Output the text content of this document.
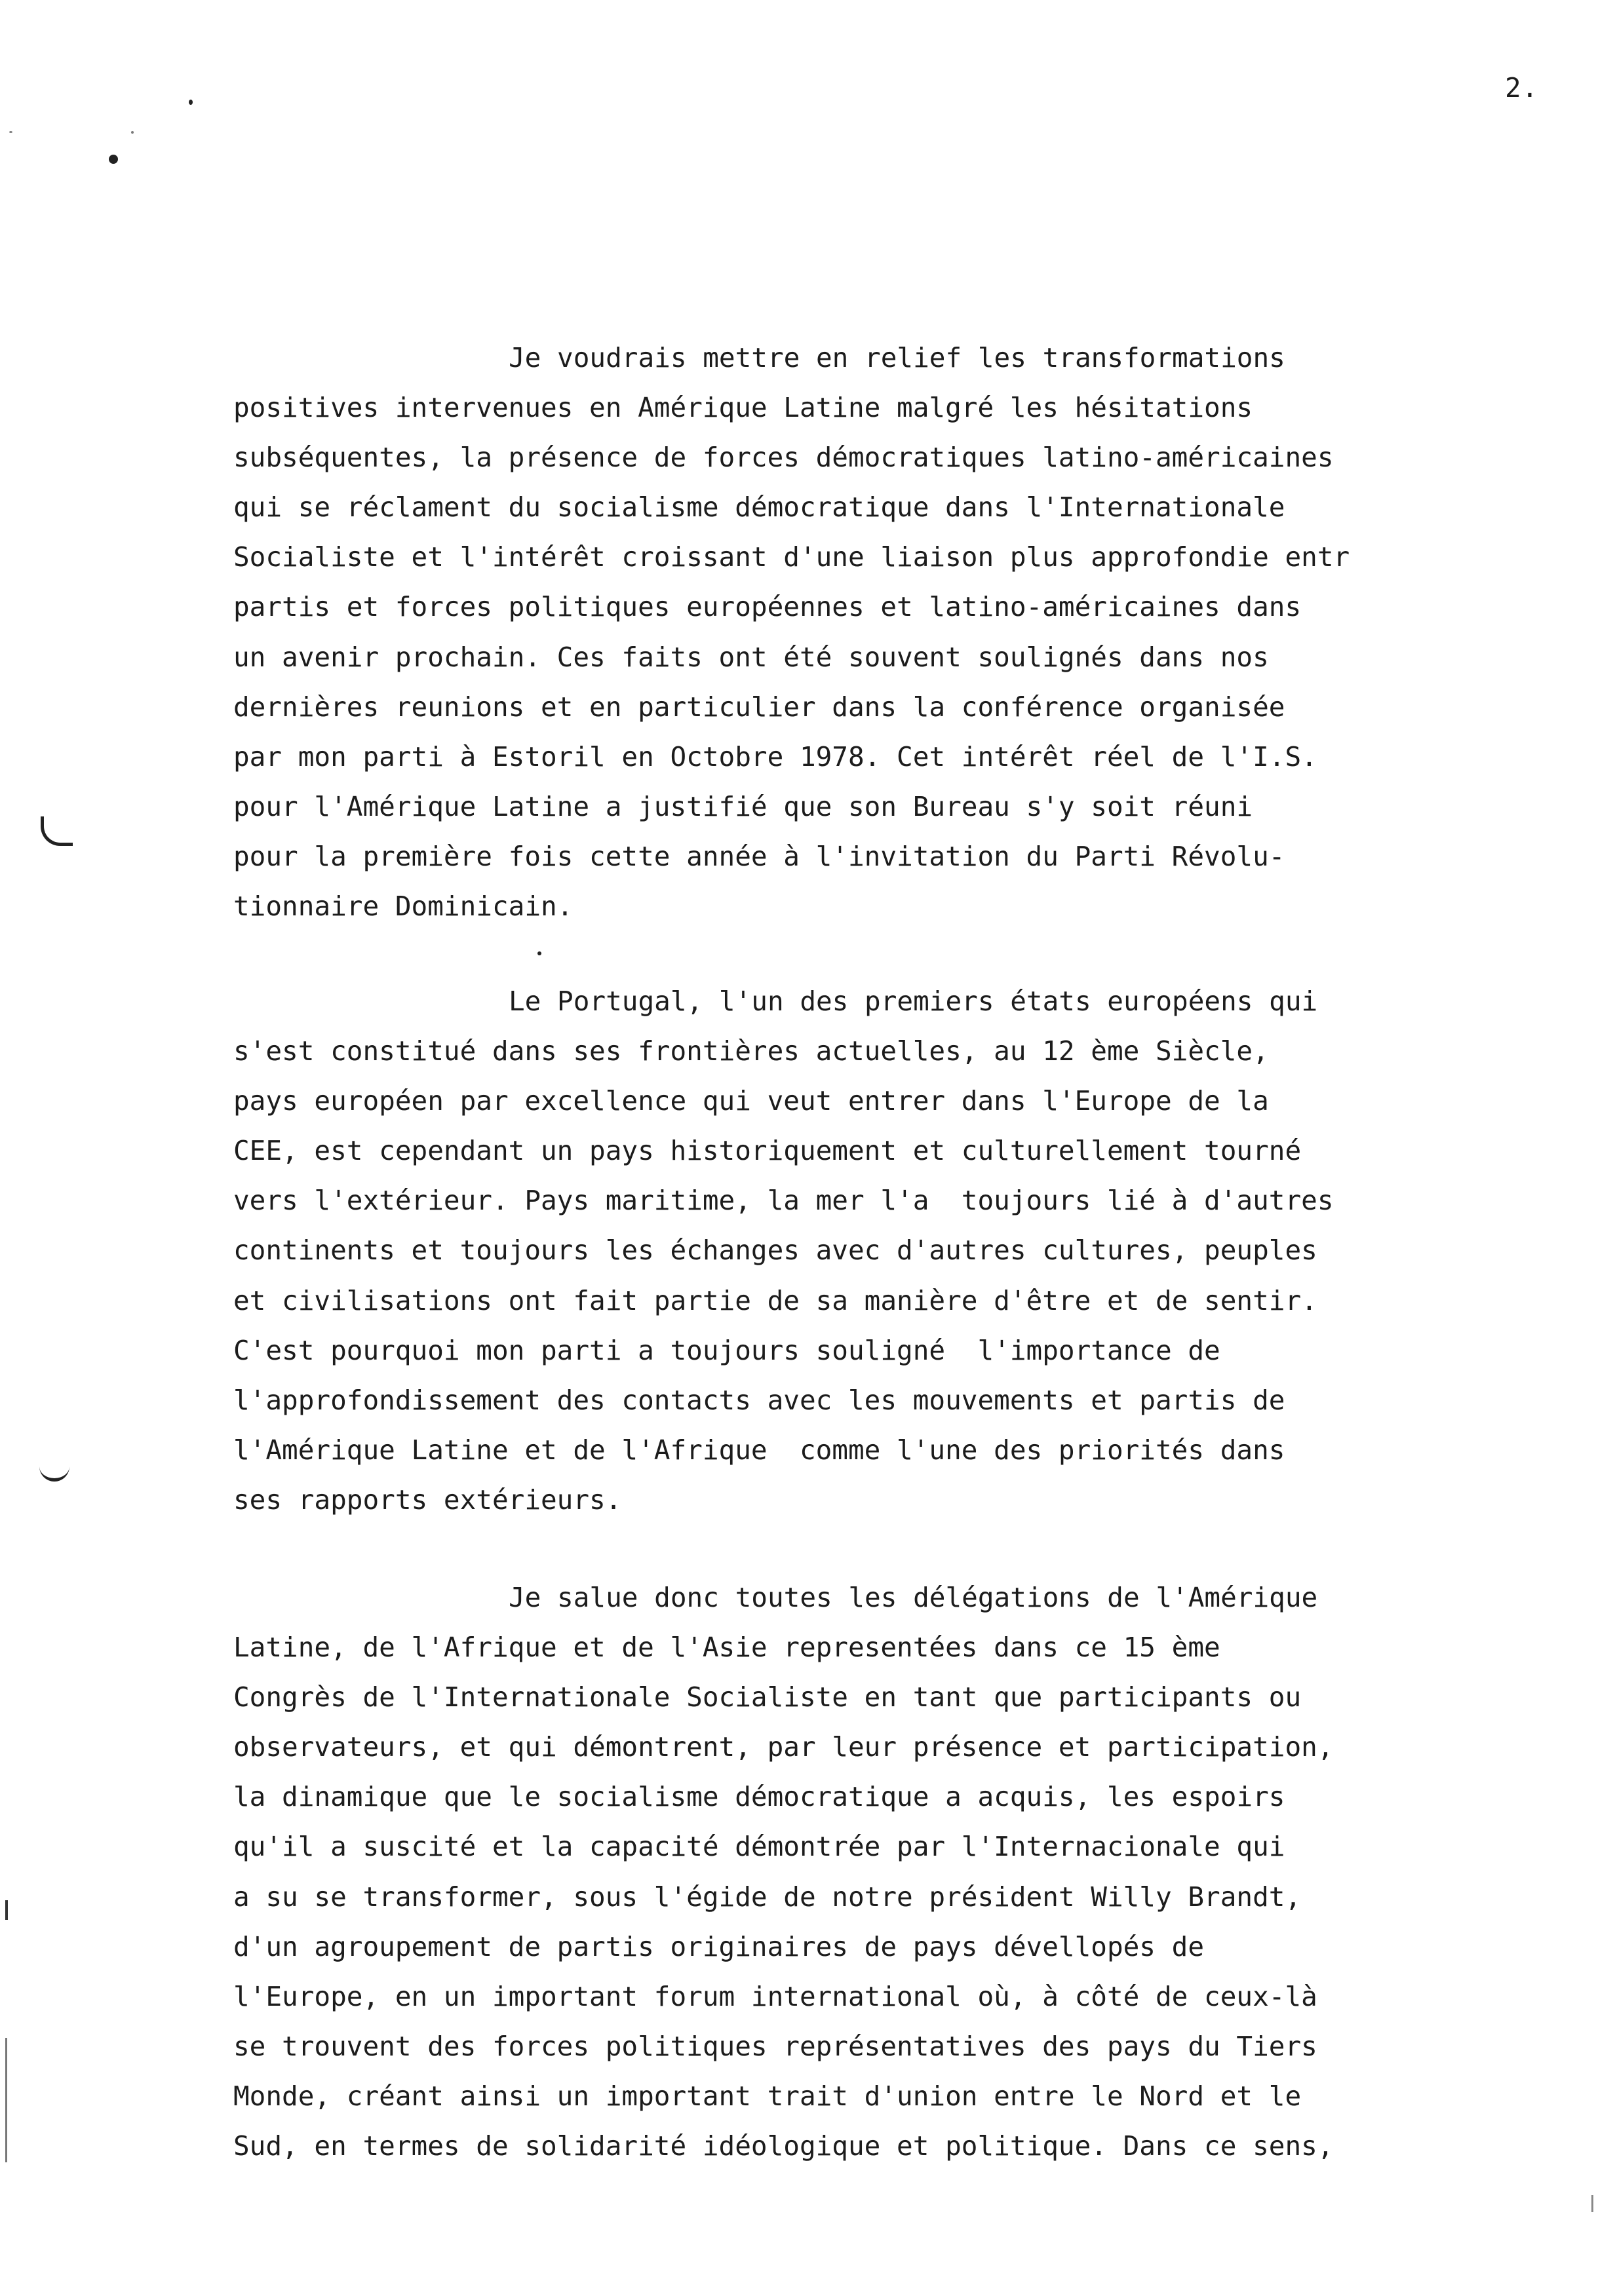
2.
Je voudrais mettre en relief les transformations
positives intervenues en Amérique Latine malgré les hésitations
subséquentes, la présence de forces démocratiques latino-américaines
qui se réclament du socialisme démocratique dans l'Internationale
Socialiste et l'intérêt croissant d'une liaison plus approfondie entr
partis et forces politiques européennes et latino-américaines dans
un avenir prochain. Ces faits ont été souvent soulignés dans nos
dernières reunions et en particulier dans la conférence organisée
par mon parti à Estoril en Octobre 1978. Cet intérêt réel de l'I.S.
pour l'Amérique Latine a justifié que son Bureau s'y soit réuni
pour la première fois cette année à l'invitation du Parti Révolu-
tionnaire Dominicain.
Le Portugal, l'un des premiers états européens qui
s'est constitué dans ses frontières actuelles, au 12 ème Siècle,
pays européen par excellence qui veut entrer dans l'Europe de la
CEE, est cependant un pays historiquement et culturellement tourné
vers l'extérieur. Pays maritime, la mer l'a  toujours lié à d'autres
continents et toujours les échanges avec d'autres cultures, peuples
et civilisations ont fait partie de sa manière d'être et de sentir.
C'est pourquoi mon parti a toujours souligné  l'importance de
l'approfondissement des contacts avec les mouvements et partis de
l'Amérique Latine et de l'Afrique  comme l'une des priorités dans
ses rapports extérieurs.
Je salue donc toutes les délégations de l'Amérique
Latine, de l'Afrique et de l'Asie representées dans ce 15 ème
Congrès de l'Internationale Socialiste en tant que participants ou
observateurs, et qui démontrent, par leur présence et participation,
la dinamique que le socialisme démocratique a acquis, les espoirs
qu'il a suscité et la capacité démontrée par l'Internacionale qui
a su se transformer, sous l'égide de notre président Willy Brandt,
d'un agroupement de partis originaires de pays dévellopés de
l'Europe, en un important forum international où, à côté de ceux-là
se trouvent des forces politiques représentatives des pays du Tiers
Monde, créant ainsi un important trait d'union entre le Nord et le
Sud, en termes de solidarité idéologique et politique. Dans ce sens,
